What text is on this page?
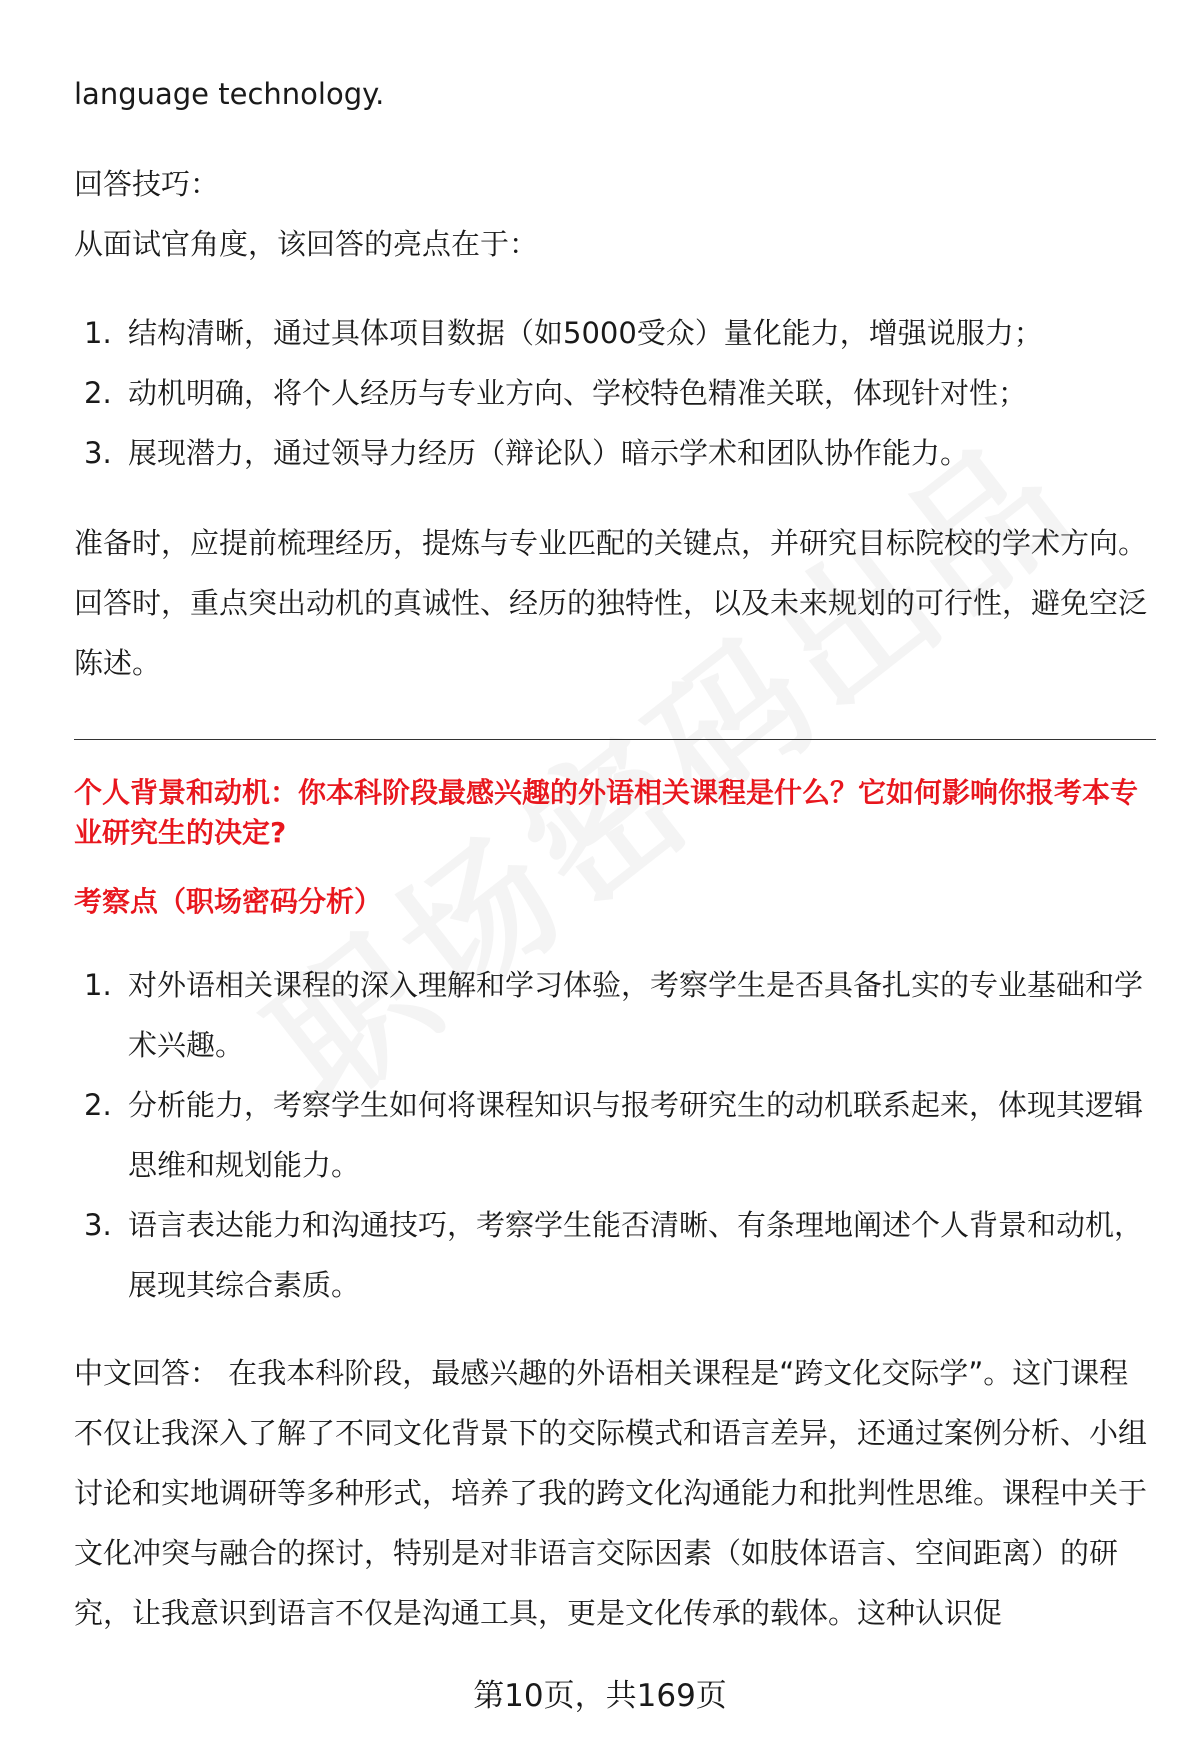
language technology.

回答技巧：

从面试官角度，该回答的亮点在于：

1. 结构清晰，通过具体项目数据（如5000受众）量化能力，增强说服力；
2. 动机明确，将个人经历与专业方向、学校特色精准关联，体现针对性；
3. 展现潜力，通过领导力经历（辩论队）暗示学术和团队协作能力。

准备时，应提前梳理经历，提炼与专业匹配的关键点，并研究目标院校的学术方向。回答时，重点突出动机的真诚性、经历的独特性，以及未来规划的可行性，避免空泛陈述。

个人背景和动机：你本科阶段最感兴趣的外语相关课程是什么？它如何影响你报考本专业研究生的决定?

考察点（职场密码分析）

1. 对外语相关课程的深入理解和学习体验，考察学生是否具备扎实的专业基础和学术兴趣。
2. 分析能力，考察学生如何将课程知识与报考研究生的动机联系起来，体现其逻辑思维和规划能力。
3. 语言表达能力和沟通技巧，考察学生能否清晰、有条理地阐述个人背景和动机，展现其综合素质。

中文回答： 在我本科阶段，最感兴趣的外语相关课程是“跨文化交际学”。这门课程不仅让我深入了解了不同文化背景下的交际模式和语言差异，还通过案例分析、小组讨论和实地调研等多种形式，培养了我的跨文化沟通能力和批判性思维。课程中关于文化冲突与融合的探讨，特别是对非语言交际因素（如肢体语言、空间距离）的研究，让我意识到语言不仅是沟通工具，更是文化传承的载体。这种认识促

第10页，共169页
